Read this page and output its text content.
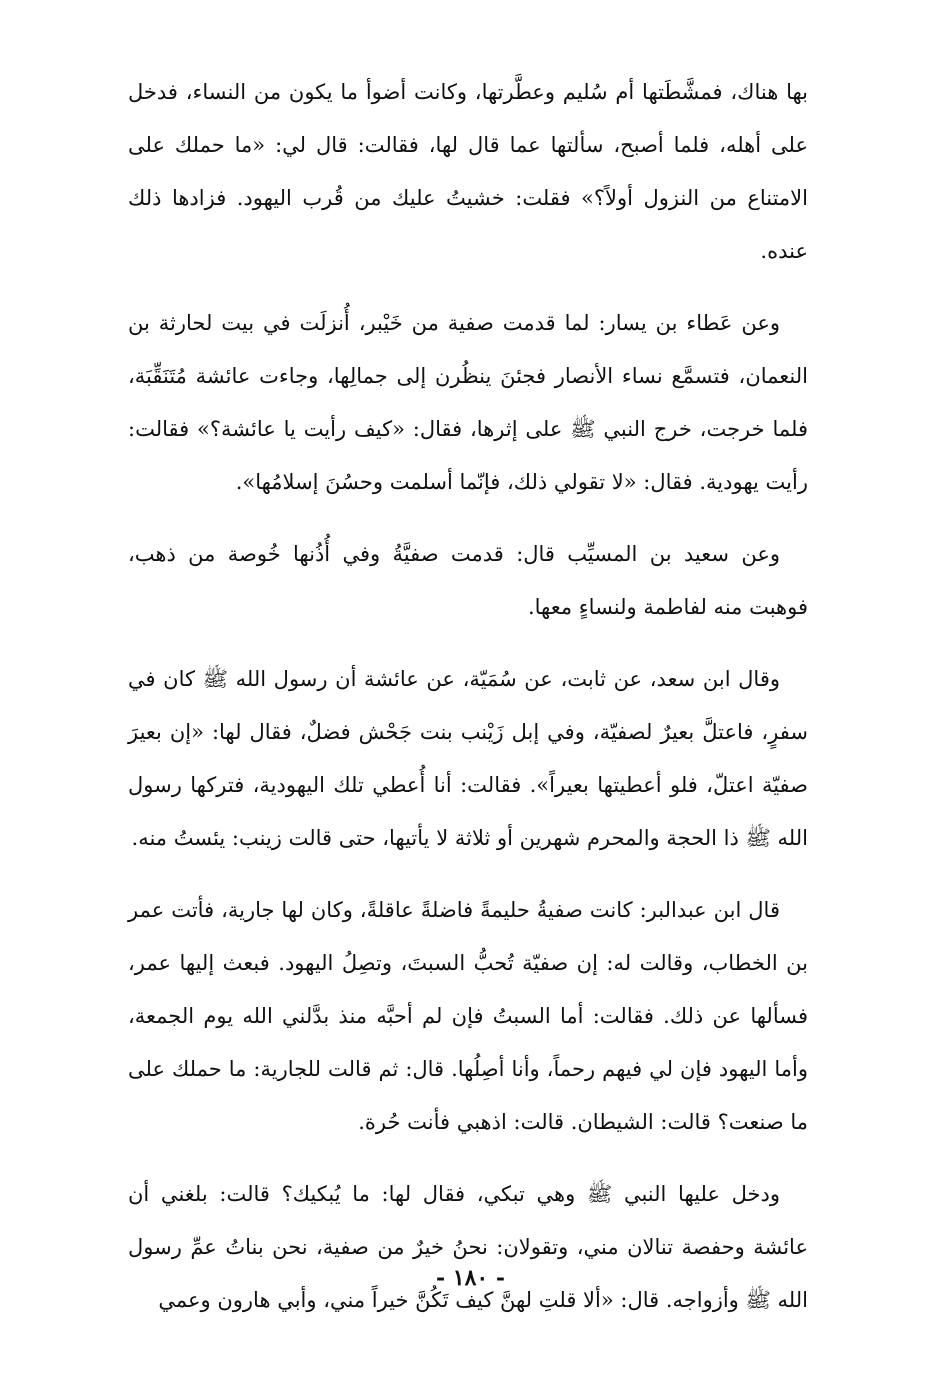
بها هناك، فمشَّطَتها أم سُليم وعطَّرتها، وكانت أضوأ ما يكون من النساء، فدخل على أهله، فلما أصبح، سألتها عما قال لها، فقالت: قال لي: «ما حملك على الامتناع من النزول أولاً؟» فقلت: خشيتُ عليك من قُرب اليهود. فزادها ذلك عنده.

وعن عَطاء بن يسار: لما قدمت صفية من خَيْبر، أُنزلَت في بيت لحارثة بن النعمان، فتسمَّع نساء الأنصار فجئنَ ينظُرن إلى جمالِها، وجاءت عائشة مُتَنَقِّبَة، فلما خرجت، خرج النبي ﷺ على إثرها، فقال: «كيف رأيت يا عائشة؟» فقالت: رأيت يهودية. فقال: «لا تقولي ذلك، فإنّما أسلمت وحسُنَ إسلامُها».

وعن سعيد بن المسيِّب قال: قدمت صفيَّةُ وفي أُذُنها خُوصة من ذهب، فوهبت منه لفاطمة ولنساءٍ معها.

وقال ابن سعد، عن ثابت، عن سُمَيّة، عن عائشة أن رسول الله ﷺ كان في سفرٍ، فاعتلَّ بعيرٌ لصفيّة، وفي إبل زَيْنب بنت جَحْش فضلٌ، فقال لها: «إن بعيرَ صفيّة اعتلّ، فلو أعطيتها بعيراً». فقالت: أنا أُعطي تلك اليهودية، فتركها رسول الله ﷺ ذا الحجة والمحرم شهرين أو ثلاثة لا يأتيها، حتى قالت زينب: يئستُ منه.

قال ابن عبدالبر: كانت صفيةُ حليمةً فاضلةً عاقلةً، وكان لها جارية، فأتت عمر بن الخطاب، وقالت له: إن صفيّة تُحبُّ السبتَ، وتصِلُ اليهود. فبعث إليها عمر، فسألها عن ذلك. فقالت: أما السبتُ فإن لم أحبَّه منذ بدَّلني الله يوم الجمعة، وأما اليهود فإن لي فيهم رحماً، وأنا أصِلُها. قال: ثم قالت للجارية: ما حملك على ما صنعت؟ قالت: الشيطان. قالت: اذهبي فأنت حُرة.

ودخل عليها النبي ﷺ وهي تبكي، فقال لها: ما يُبكيك؟ قالت: بلغني أن عائشة وحفصة تنالان مني، وتقولان: نحنُ خيرٌ من صفية، نحن بناتُ عمِّ رسول الله ﷺ وأزواجه. قال: «ألا قلتِ لهنَّ كيف تَكُنَّ خيراً مني، وأبي هارون وعمي

- ١٨٠ -
